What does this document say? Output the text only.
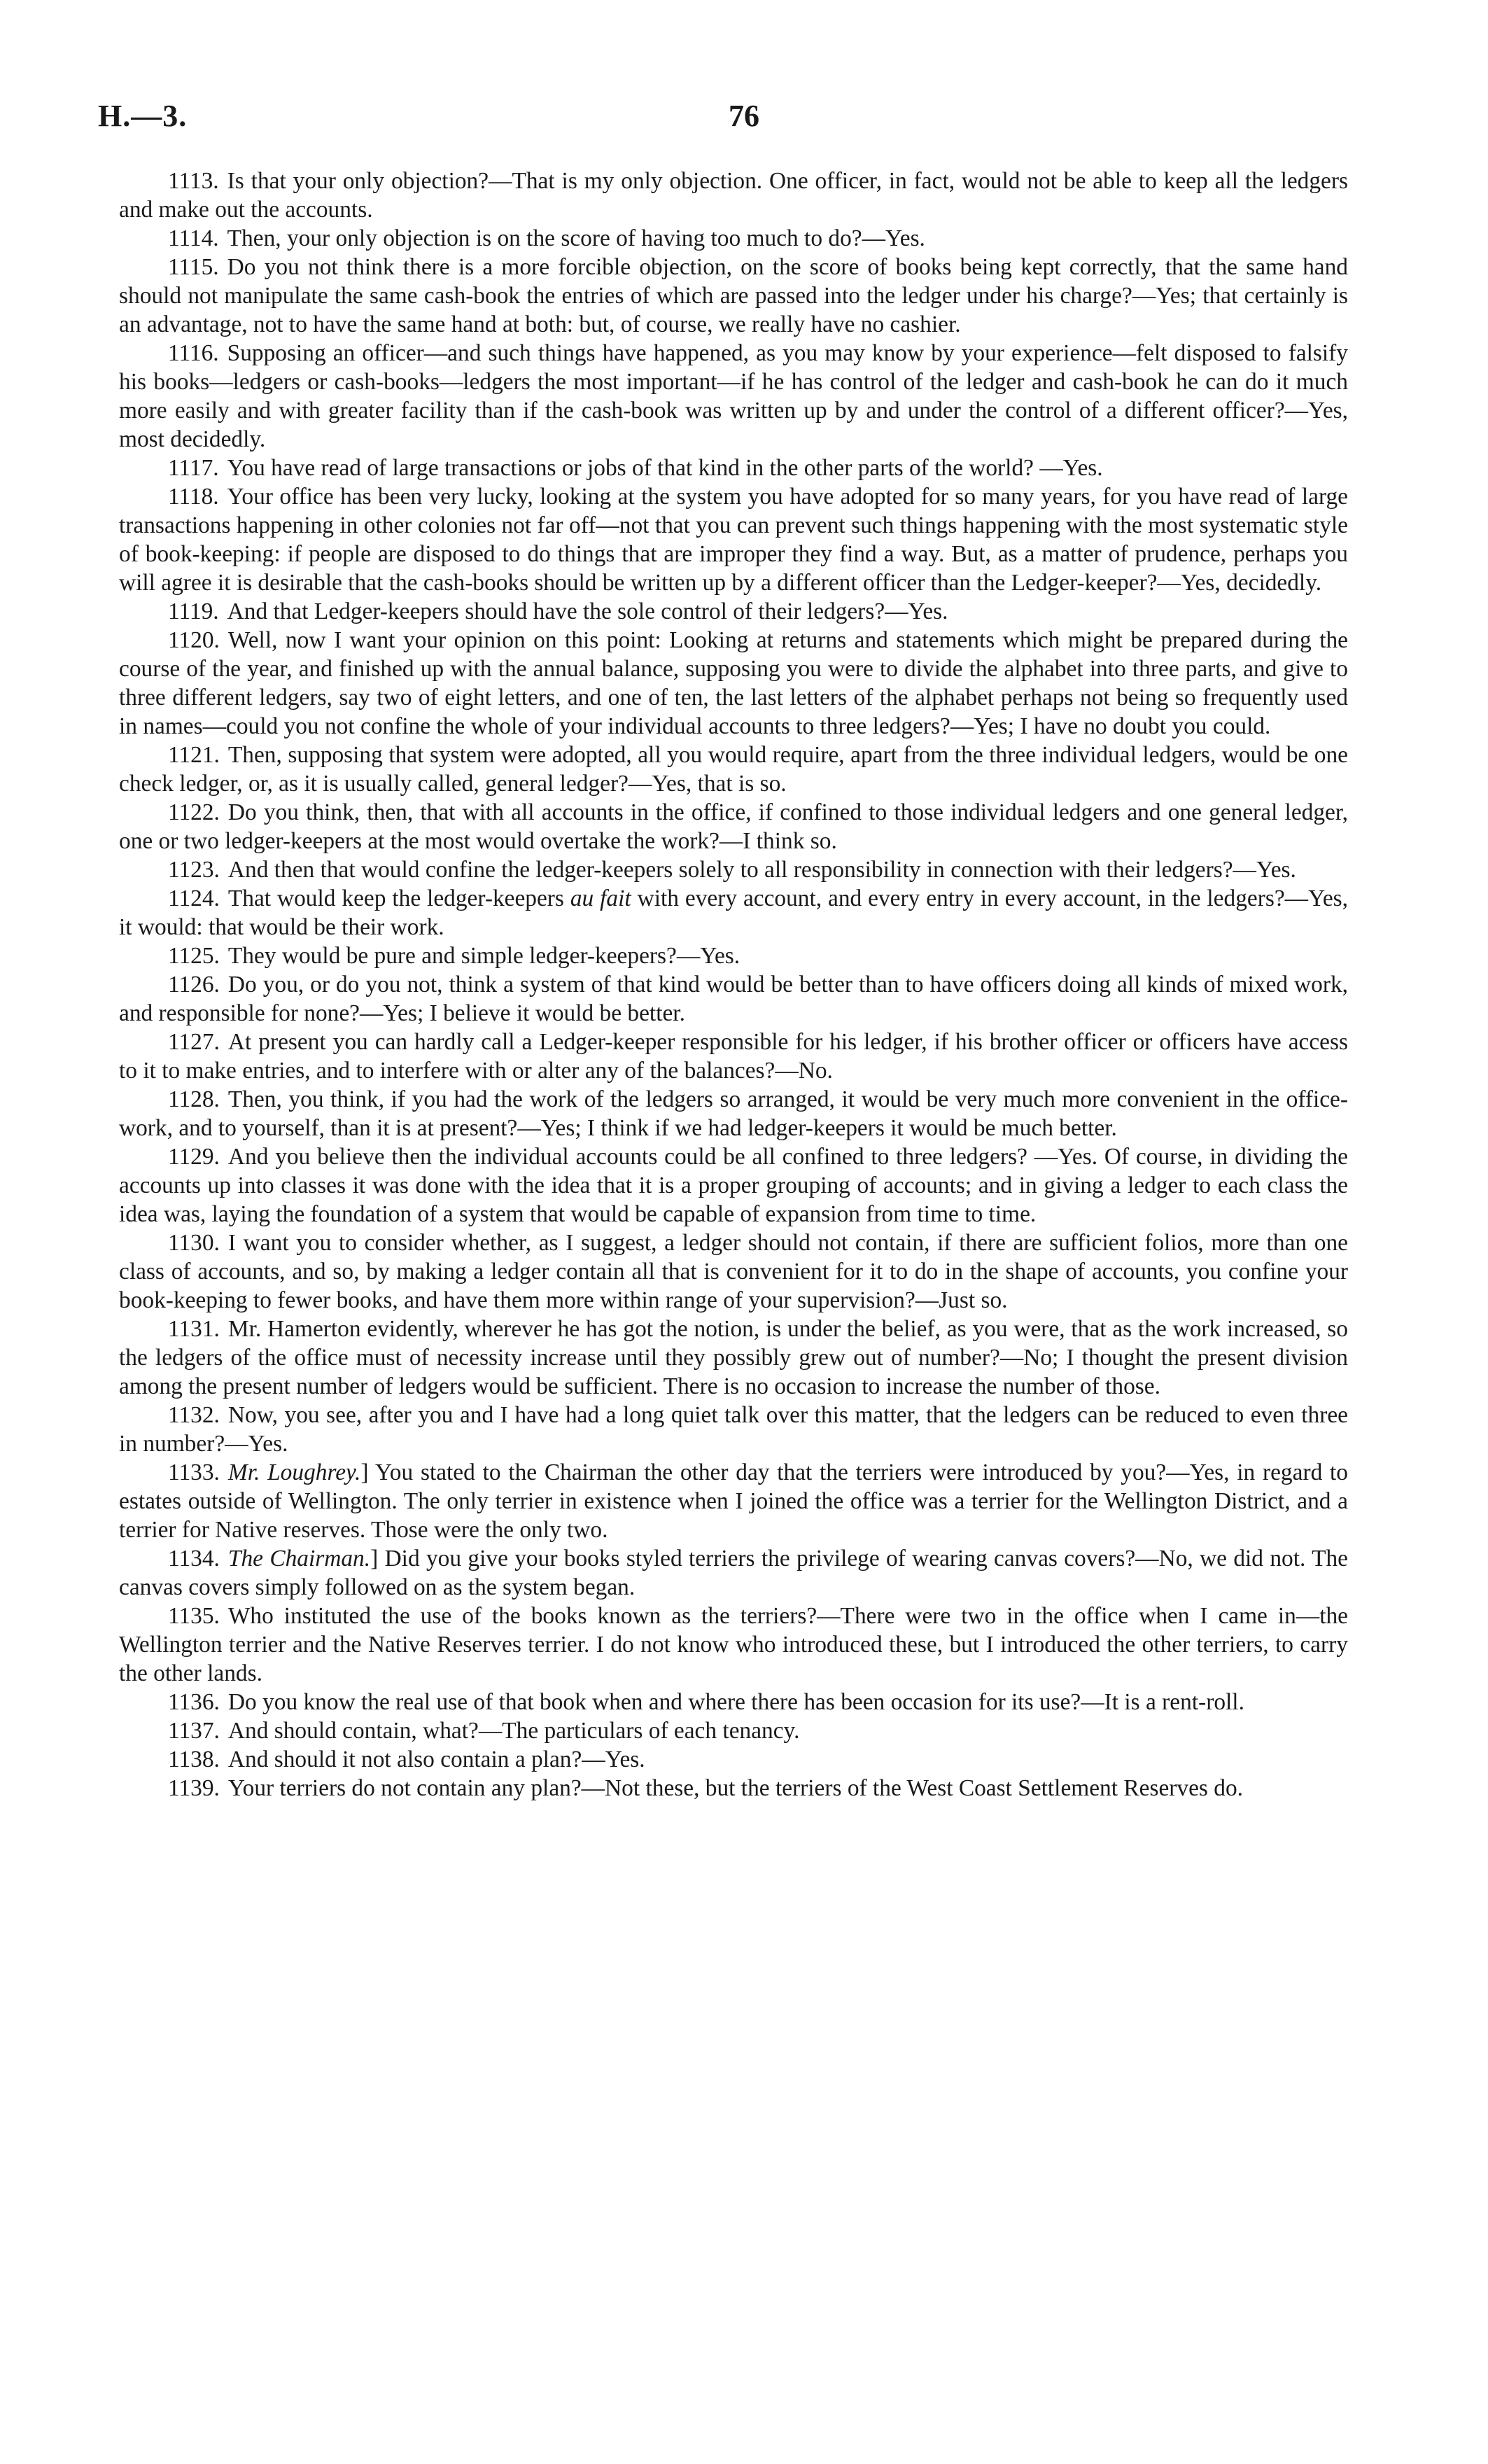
H.—3.	76

1113. Is that your only objection?—That is my only objection. One officer, in fact, would not be able to keep all the ledgers and make out the accounts.

1114. Then, your only objection is on the score of having too much to do?—Yes.

1115. Do you not think there is a more forcible objection, on the score of books being kept correctly, that the same hand should not manipulate the same cash-book the entries of which are passed into the ledger under his charge?—Yes; that certainly is an advantage, not to have the same hand at both: but, of course, we really have no cashier.

1116. Supposing an officer—and such things have happened, as you may know by your experience—felt disposed to falsify his books—ledgers or cash-books—ledgers the most important—if he has control of the ledger and cash-book he can do it much more easily and with greater facility than if the cash-book was written up by and under the control of a different officer?—Yes, most decidedly.

1117. You have read of large transactions or jobs of that kind in the other parts of the world? —Yes.

1118. Your office has been very lucky, looking at the system you have adopted for so many years, for you have read of large transactions happening in other colonies not far off—not that you can prevent such things happening with the most systematic style of book-keeping: if people are disposed to do things that are improper they find a way. But, as a matter of prudence, perhaps you will agree it is desirable that the cash-books should be written up by a different officer than the Ledger-keeper?—Yes, decidedly.

1119. And that Ledger-keepers should have the sole control of their ledgers?—Yes.

1120. Well, now I want your opinion on this point: Looking at returns and statements which might be prepared during the course of the year, and finished up with the annual balance, supposing you were to divide the alphabet into three parts, and give to three different ledgers, say two of eight letters, and one of ten, the last letters of the alphabet perhaps not being so frequently used in names—could you not confine the whole of your individual accounts to three ledgers?—Yes; I have no doubt you could.

1121. Then, supposing that system were adopted, all you would require, apart from the three individual ledgers, would be one check ledger, or, as it is usually called, general ledger?—Yes, that is so.

1122. Do you think, then, that with all accounts in the office, if confined to those individual ledgers and one general ledger, one or two ledger-keepers at the most would overtake the work?—I think so.

1123. And then that would confine the ledger-keepers solely to all responsibility in connection with their ledgers?—Yes.

1124. That would keep the ledger-keepers au fait with every account, and every entry in every account, in the ledgers?—Yes, it would: that would be their work.

1125. They would be pure and simple ledger-keepers?—Yes.

1126. Do you, or do you not, think a system of that kind would be better than to have officers doing all kinds of mixed work, and responsible for none?—Yes; I believe it would be better.

1127. At present you can hardly call a Ledger-keeper responsible for his ledger, if his brother officer or officers have access to it to make entries, and to interfere with or alter any of the balances?—No.

1128. Then, you think, if you had the work of the ledgers so arranged, it would be very much more convenient in the office-work, and to yourself, than it is at present?—Yes; I think if we had ledger-keepers it would be much better.

1129. And you believe then the individual accounts could be all confined to three ledgers? —Yes. Of course, in dividing the accounts up into classes it was done with the idea that it is a proper grouping of accounts; and in giving a ledger to each class the idea was, laying the foundation of a system that would be capable of expansion from time to time.

1130. I want you to consider whether, as I suggest, a ledger should not contain, if there are sufficient folios, more than one class of accounts, and so, by making a ledger contain all that is convenient for it to do in the shape of accounts, you confine your book-keeping to fewer books, and have them more within range of your supervision?—Just so.

1131. Mr. Hamerton evidently, wherever he has got the notion, is under the belief, as you were, that as the work increased, so the ledgers of the office must of necessity increase until they possibly grew out of number?—No; I thought the present division among the present number of ledgers would be sufficient. There is no occasion to increase the number of those.

1132. Now, you see, after you and I have had a long quiet talk over this matter, that the ledgers can be reduced to even three in number?—Yes.

1133. Mr. Loughrey.] You stated to the Chairman the other day that the terriers were introduced by you?—Yes, in regard to estates outside of Wellington. The only terrier in existence when I joined the office was a terrier for the Wellington District, and a terrier for Native reserves. Those were the only two.

1134. The Chairman.] Did you give your books styled terriers the privilege of wearing canvas covers?—No, we did not. The canvas covers simply followed on as the system began.

1135. Who instituted the use of the books known as the terriers?—There were two in the office when I came in—the Wellington terrier and the Native Reserves terrier. I do not know who introduced these, but I introduced the other terriers, to carry the other lands.

1136. Do you know the real use of that book when and where there has been occasion for its use?—It is a rent-roll.

1137. And should contain, what?—The particulars of each tenancy.

1138. And should it not also contain a plan?—Yes.

1139. Your terriers do not contain any plan?—Not these, but the terriers of the West Coast Settlement Reserves do.
